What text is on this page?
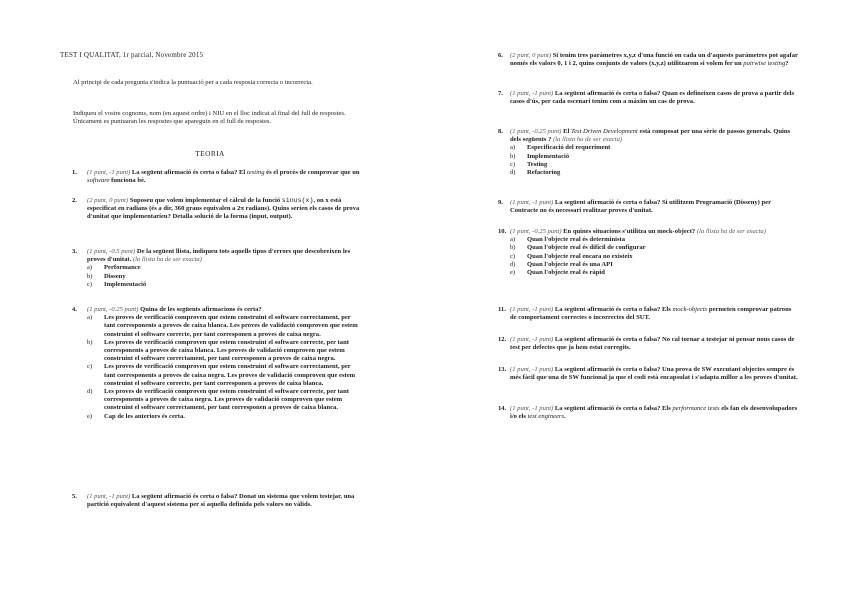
TEST I QUALITAT, 1r parcial, Novembre 2015
Al principi de cada pregunta s'indica la puntuació per a cada resposta correcta o incorrecta.
Indiqueu el vostre cognoms, nom (en aquest ordre) i NIU en el lloc indicat al final del full de respostes. Únicament es puntuaran les respostes que apareguin en el full de respostes.
TEORIA
1. (1 punt, -1 punt) La següent afirmació és certa o falsa? El testing és el procés de comprovar que un software funciona bé.
2. (2 punt, 0 punt) Suposeu que volem implementar el càlcul de la funció sinus(x), on x està especificat en radians (és a dir, 360 graus equivalen a 2π radians). Quins serien els casos de prova d'unitat que implementaríeu? Detalla solució de la forma (input, output).
3. (1 punt, -0.5 punt) De la següent llista, indiqueu tots aquells tipus d'errors que descobreixen les proves d'unitat. (la llista ha de ser exacta)
a) Performance
b) Disseny
c) Implementació
4. (1 punt, -0.25 punt) Quina de les següents afirmacions és certa?
a) Les proves de verificació comproven que estem construint el software correctament, per tant corresponents a proves de caixa blanca. Les proves de validació comproven que estem construint el software correcte, per tant corresponen a proves de caixa negra.
b) Les proves de verificació comproven que estem construint el software correcte, per tant corresponents a proves de caixa blanca. Les proves de validació comproven que estem construint el software correctament, per tant corresponen a proves de caixa negra.
c) Les proves de verificació comproven que estem construint el software correctament, per tant corresponents a proves de caixa negra. Les proves de validació comproven que estem construint el software correcte, per tant corresponen a proves de caixa blanca.
d) Les proves de verificació comproven que estem construint el software correcte, per tant corresponents a proves de caixa negra. Les proves de validació comproven que estem construint el software correctament, per tant corresponen a proves de caixa blanca.
e) Cap de les anteriors és certa.
5. (1 punt, -1 punt) La següent afirmació és certa o falsa? Donat un sistema que volem testejar, una partició equivalent d'aquest sistema per si aquella definida pels valors no vàlids.
6. (2 punt, 0 punt) Si tenim tres paràmetres x,y,z d'una funció on cada un d'aquests paràmetres pot agafar només els valors 0, 1 i 2, quins conjunts de valors (x,y,z) utilitzarem si volem fer un pairwise testing?
7. (1 punt, -1 punt) La següent afirmació és certa o falsa? Quan es defineixen casos de prova a partir dels casos d'ús, per cada escenari tenim com a màxim un cas de prova.
8. (1 punt, -0.25 punt) El Test Driven Development està composat per una sèrie de passos generals. Quins dels següents ? (la llista ha de ser exacta)
a) Especificació del requeriment
b) Implementació
c) Testing
d) Refactoring
9. (1 punt, -1 punt) La següent afirmació és certa o falsa? Si utilitzem Programació (Disseny) per Contracte no és necessari realitzar proves d'unitat.
10. (1 punt, -0.25 punt) En quines situacions s'utilitza un mock-object? (la llista ha de ser exacta)
a) Quan l'objecte real és determinista
b) Quan l'objecte real és difícil de configurar
c) Quan l'objecte real encara no existeix
d) Quan l'objecte real és una API
e) Quan l'objecte real és ràpid
11. (1 punt, -1 punt) La següent afirmació és certa o falsa? Els mock-objects permeten comprovar patrons de comportament correctes o incorrectes del SUT.
12. (1 punt, -1 punt) La següent afirmació és certa o falsa? No cal tornar a testejar ni pensar nous casos de test per defectes que ja hem estat corregits.
13. (1 punt, -1 punt) La següent afirmació és certa o falsa? Una prova de SW executant objectes sempre és més fàcil que una de SW funcional ja que el codi està encapsulat i s'adapta millor a les proves d'unitat.
14. (1 punt, -1 punt) La següent afirmació és certa o falsa? Els performance tests els fan els desenvolupadors i/o els test engineers.
